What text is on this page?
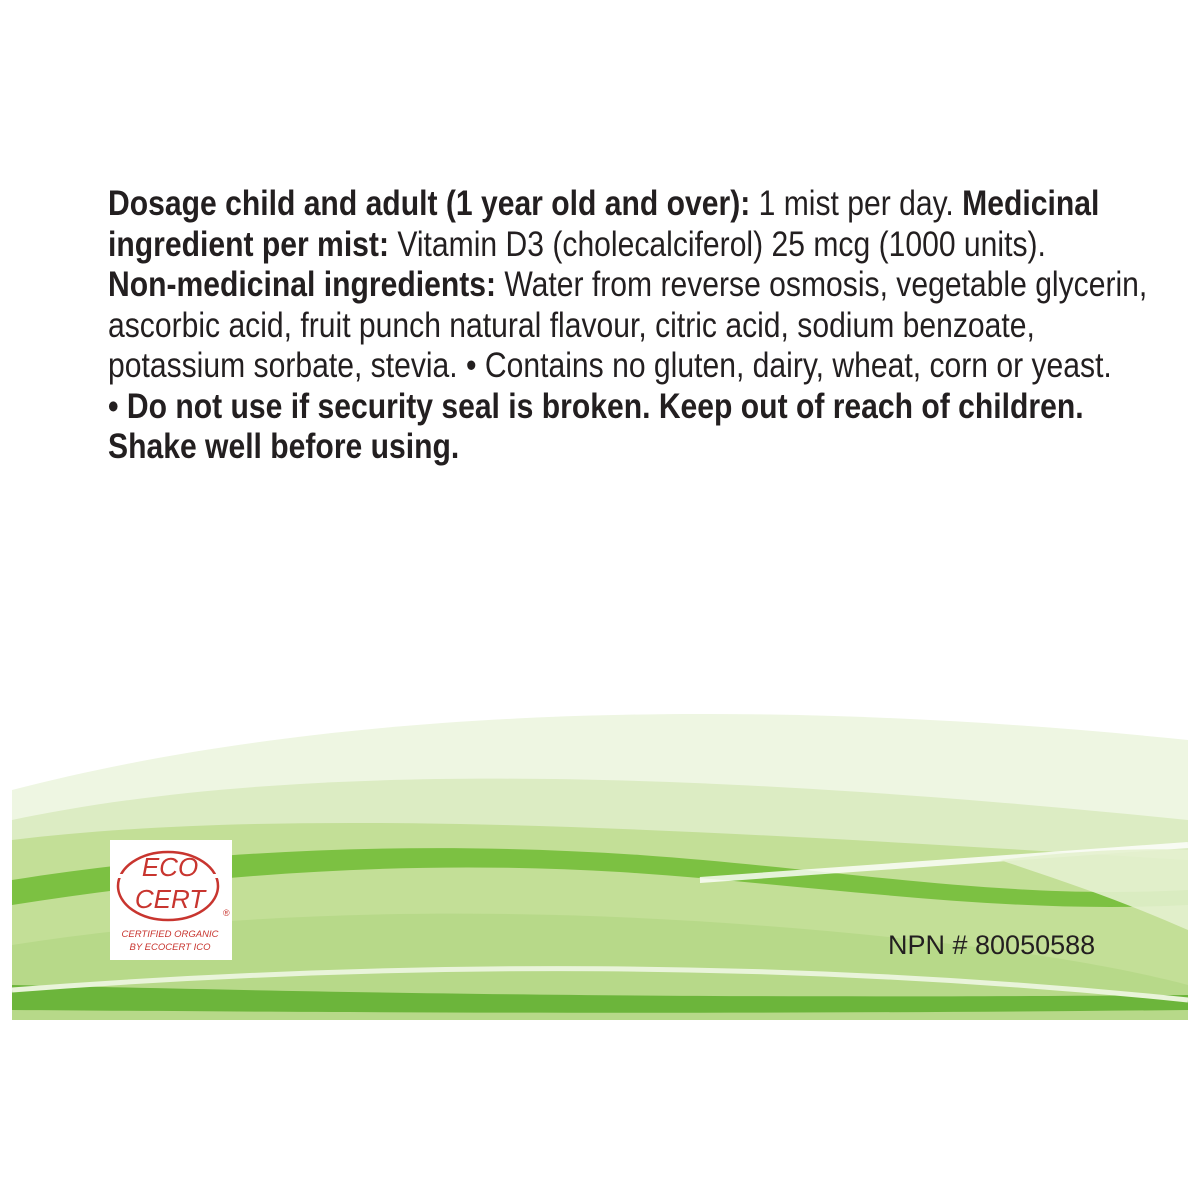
Dosage child and adult (1 year old and over): 1 mist per day. Medicinal
ingredient per mist: Vitamin D3 (cholecalciferol) 25 mcg (1000 units).
Non-medicinal ingredients: Water from reverse osmosis, vegetable glycerin,
ascorbic acid, fruit punch natural flavour, citric acid, sodium benzoate,
potassium sorbate, stevia. • Contains no gluten, dairy, wheat, corn or yeast.
• Do not use if security seal is broken. Keep out of reach of children.
Shake well before using.
ECO
CERT ®
CERTIFIED ORGANIC
BY ECOCERT ICO	NPN # 80050588
